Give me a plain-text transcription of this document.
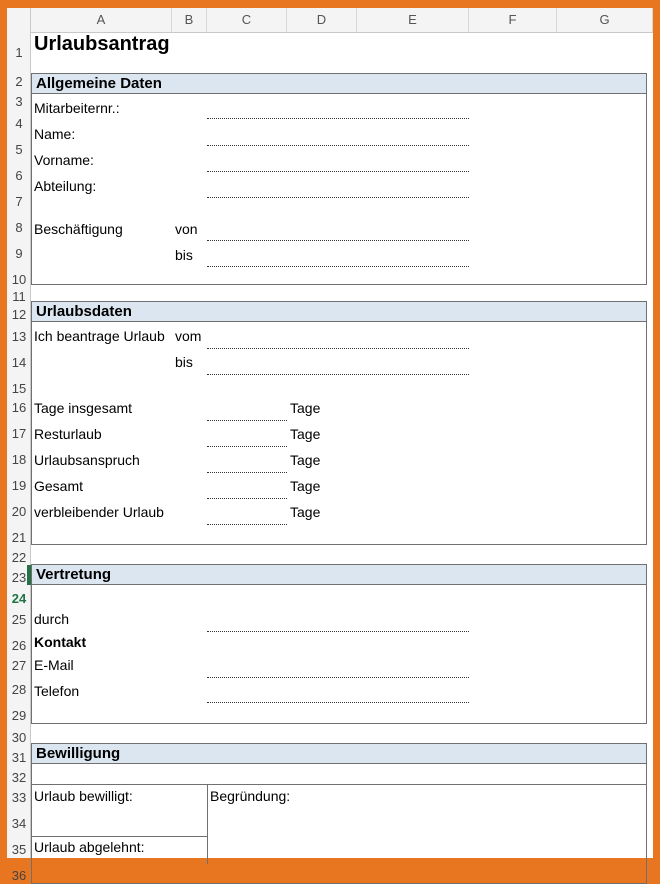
A	B	C	D	E	F	G
1
2
3
4
5
6
7
8
9
10
11
12
13
14
15
16
17
18
19
20
21
22
23
24
25
26
27
28
29
30
31
32
33
34
35
36
Urlaubsantrag
Allgemeine Daten
Mitarbeiternr.:
Name:
Vorname:
Abteilung:
Beschäftigung	von
bis
Urlaubsdaten
Ich beantrage Urlaub vom
bis
Tage insgesamt	Tage
Resturlaub	Tage
Urlaubsanspruch	Tage
Gesamt	Tage
verbleibender Urlaub	Tage
Vertretung
durch
Kontakt
E-Mail
Telefon
Bewilligung
Urlaub bewilligt:	Begründung:
Urlaub abgelehnt:
